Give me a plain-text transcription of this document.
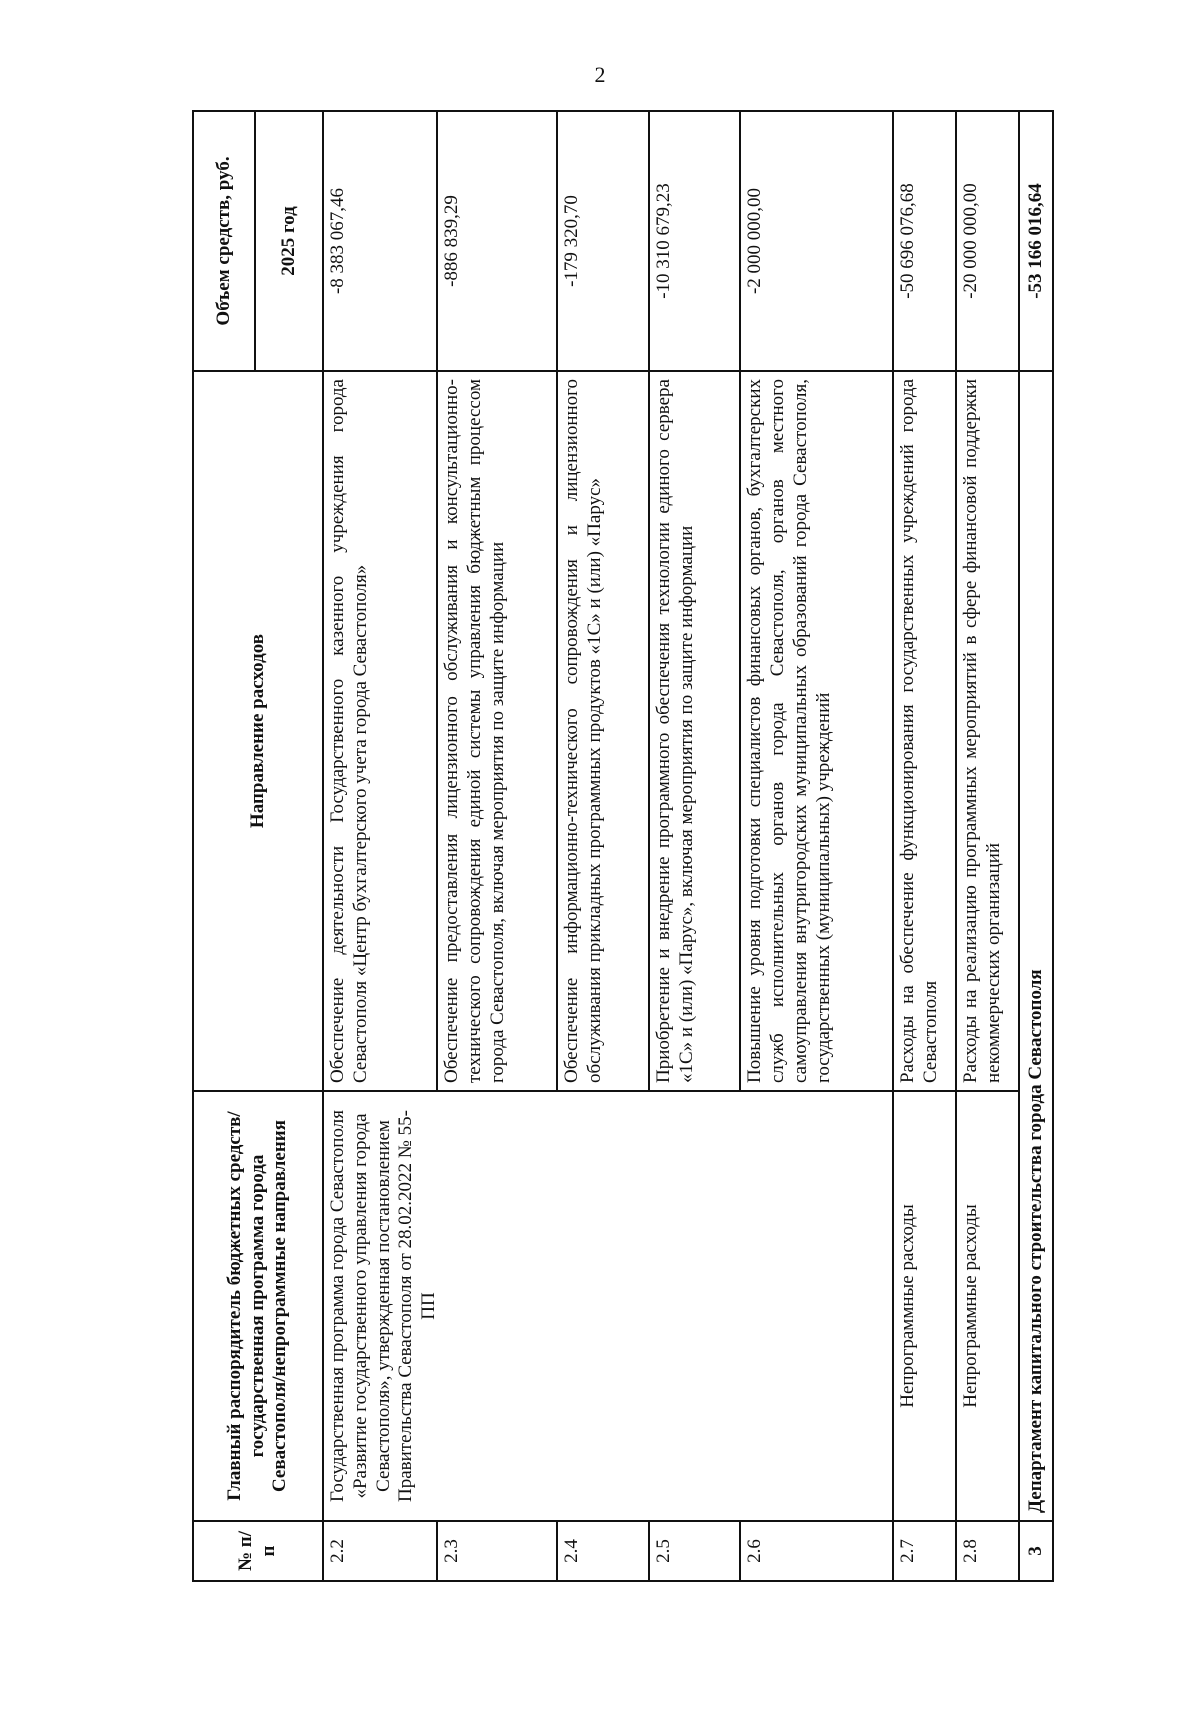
2
№ п/п	Главный распорядитель бюджетных средств/государственная программа города Севастополя/непрограммные направления	Направление расходов	Объем средств, руб.
			2025 год
2.2	Государственная программа города Севастополя «Развитие государственного управления города Севастополя», утвержденная постановлением Правительства Севастополя от 28.02.2022 № 55-ПП	Обеспечение деятельности Государственного казенного учреждения города Севастополя «Центр бухгалтерского учета города Севастополя»	-8 383 067,46
2.3		Обеспечение предоставления лицензионного обслуживания и консультационно-технического сопровождения единой системы управления бюджетным процессом города Севастополя, включая мероприятия по защите информации	-886 839,29
2.4		Обеспечение информационно-технического сопровождения и лицензионного обслуживания прикладных программных продуктов «1С» и (или) «Парус»	-179 320,70
2.5		Приобретение и внедрение программного обеспечения технологии единого сервера «1С» и (или) «Парус», включая мероприятия по защите информации	-10 310 679,23
2.6		Повышение уровня подготовки специалистов финансовых органов, бухгалтерских служб исполнительных органов города Севастополя, органов местного самоуправления внутригородских муниципальных образований города Севастополя, государственных (муниципальных) учреждений	-2 000 000,00
2.7	Непрограммные расходы	Расходы на обеспечение функционирования государственных учреждений города Севастополя	-50 696 076,68
2.8	Непрограммные расходы	Расходы на реализацию программных мероприятий в сфере финансовой поддержки некоммерческих организаций	-20 000 000,00
3	Департамент капитального строительства города Севастополя		-53 166 016,64
